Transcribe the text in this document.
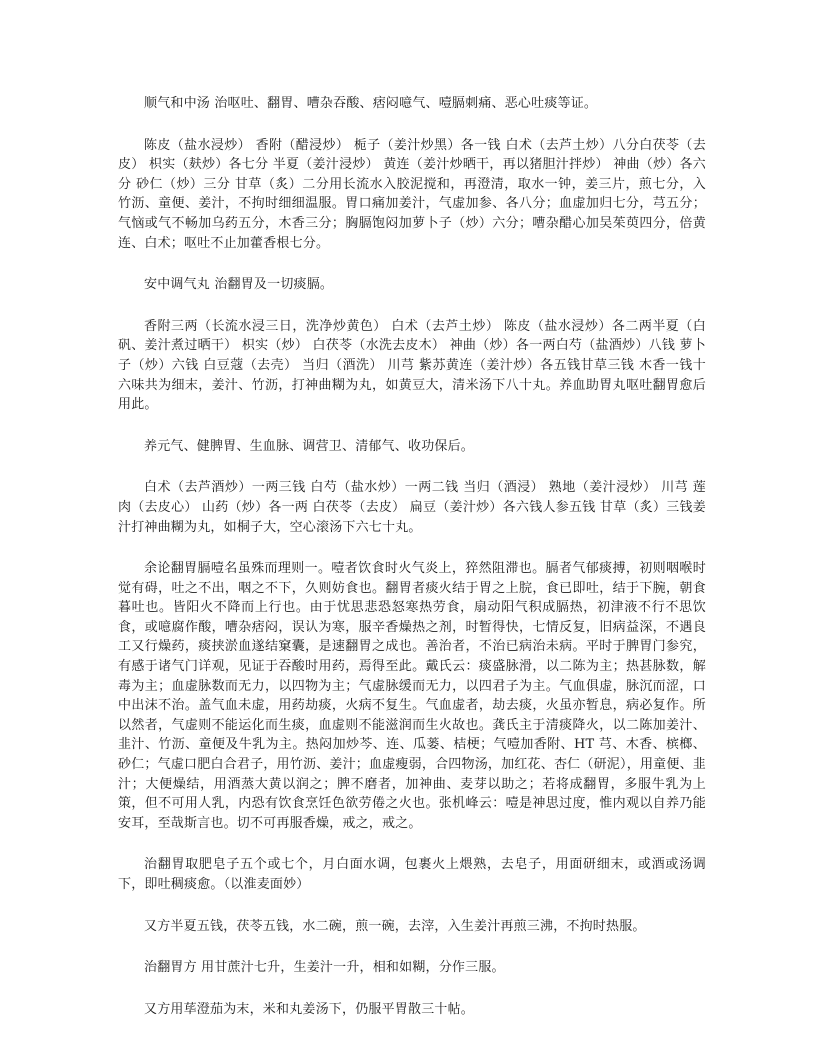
顺气和中汤 治呕吐、翻胃、嘈杂吞酸、痞闷噫气、噎膈刺痛、恶心吐痰等证。

陈皮（盐水浸炒） 香附（醋浸炒） 栀子（姜汁炒黑）各一钱 白术（去芦土炒）八分白茯苓（去皮） 枳实（麸炒）各七分 半夏（姜汁浸炒） 黄连（姜汁炒晒干，再以猪胆汁拌炒） 神曲（炒）各六分 砂仁（炒）三分 甘草（炙）二分用长流水入胶泥搅和，再澄清，取水一钟，姜三片，煎七分，入竹沥、童便、姜汁，不拘时细细温服。胃口痛加姜汁，气虚加参、各八分；血虚加归七分，芎五分；气恼或气不畅加乌药五分，木香三分；胸膈饱闷加萝卜子（炒）六分；嘈杂醋心加吴茱萸四分，倍黄连、白术；呕吐不止加藿香根七分。

安中调气丸 治翻胃及一切痰膈。

香附三两（长流水浸三日，洗净炒黄色） 白术（去芦土炒） 陈皮（盐水浸炒）各二两半夏（白矾、姜汁煮过晒干） 枳实（炒） 白茯苓（水洗去皮木） 神曲（炒）各一两白芍（盐酒炒）八钱 萝卜子（炒）六钱 白豆蔻（去壳） 当归（酒洗） 川芎 紫苏黄连（姜汁炒）各五钱甘草三钱 木香一钱十六味共为细末，姜汁、竹沥，打神曲糊为丸，如黄豆大，清米汤下八十丸。养血助胃丸呕吐翻胃愈后用此。

养元气、健脾胃、生血脉、调营卫、清郁气、收功保后。

白术（去芦酒炒）一两三钱 白芍（盐水炒）一两二钱 当归（酒浸） 熟地（姜汁浸炒） 川芎 莲肉（去皮心） 山药（炒）各一两 白茯苓（去皮） 扁豆（姜汁炒）各六钱人参五钱 甘草（炙）三钱姜汁打神曲糊为丸，如桐子大，空心滚汤下六七十丸。

余论翻胃膈噎名虽殊而理则一。噎者饮食时火气炎上，猝然阻滞也。膈者气郁痰搏，初则咽喉时觉有碍，吐之不出，咽之不下，久则妨食也。翻胃者痰火结于胃之上脘，食已即吐，结于下腕，朝食暮吐也。皆阳火不降而上行也。由于忧思悲恐怒寒热劳食，扇动阳气积成膈热，初津液不行不思饮食，或噫腐作酸，嘈杂痞闷，误认为寒，服辛香燥热之剂，时暂得快，七情反复，旧病益深，不遇良工又行燥药，痰挟淤血遂结窠囊，是速翻胃之成也。善治者，不治已病治未病。平时于脾胃门参究，有感于诸气门详观，见证于吞酸时用药，焉得至此。戴氏云：痰盛脉滑，以二陈为主；热甚脉数，解毒为主；血虚脉数而无力，以四物为主；气虚脉缓而无力，以四君子为主。气血俱虚，脉沉而涩，口中出沫不治。盖气血未虚，用药劫痰，火病不复生。气血虚者，劫去痰，火虽亦暂息，病必复作。所以然者，气虚则不能运化而生痰，血虚则不能滋润而生火故也。龚氏主于清痰降火，以二陈加姜汁、韭汁、竹沥、童便及牛乳为主。热闷加炒芩、连、瓜蒌、桔梗；气噎加香附、HT 芎、木香、槟榔、砂仁；气虚口肥白合君子，用竹沥、姜汁；血虚瘦弱，合四物汤，加红花、杏仁（研泥），用童便、韭汁；大便燥结，用酒蒸大黄以润之；脾不磨者，加神曲、麦芽以助之；若将成翻胃，多服牛乳为上策，但不可用人乳，内恐有饮食烹饪色欲劳倦之火也。张机峰云：噎是神思过度，惟内观以自养乃能安耳，至哉斯言也。切不可再服香燥，戒之，戒之。

治翻胃取肥皂子五个或七个，月白面水调，包裹火上煨熟，去皂子，用面研细末，或酒或汤调下，即吐稠痰愈。（以淮麦面妙）

又方半夏五钱，茯苓五钱，水二碗，煎一碗，去滓，入生姜汁再煎三沸，不拘时热服。

治翻胃方 用甘蔗汁七升，生姜汁一升，相和如糊，分作三服。

又方用荜澄茄为末，米和丸姜汤下，仍服平胃散三十帖。
